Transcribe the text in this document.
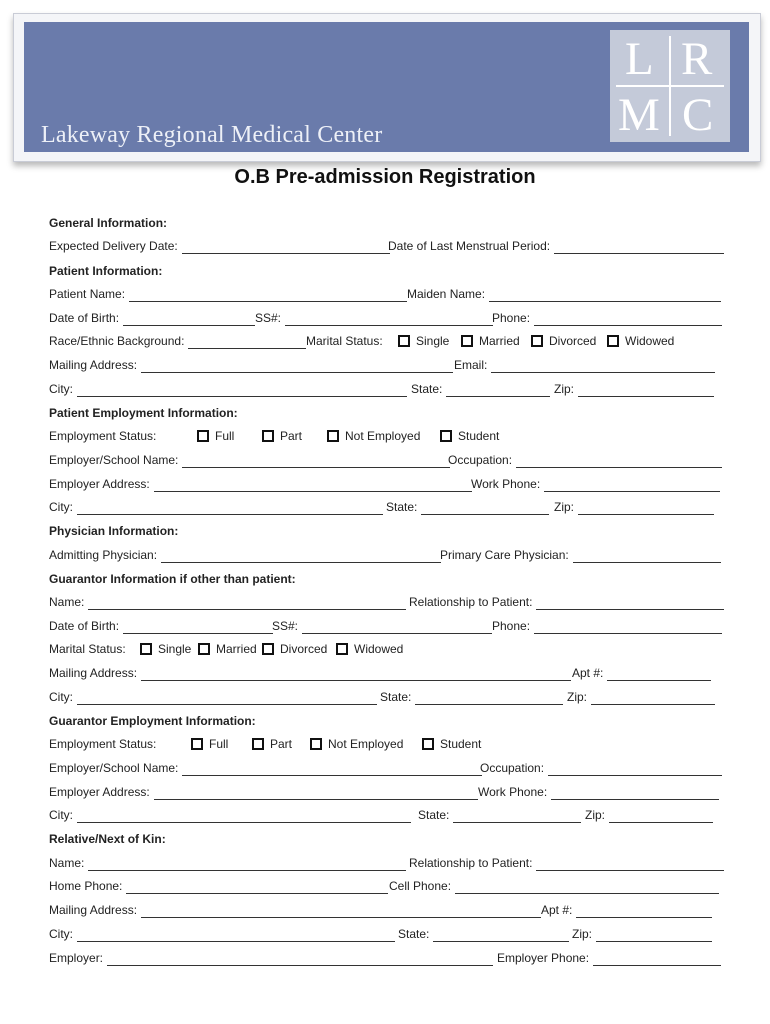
Lakeway Regional Medical Center
L R
M C
O.B Pre-admission Registration
General Information:
Expected Delivery Date:	Date of Last Menstrual Period:
Patient Information:
Patient Name:	Maiden Name:
Date of Birth:	SS#:	Phone:
Race/Ethnic Background:	Marital Status:	Single Married Divorced Widowed
Mailing Address:	Email:
City:	State:	Zip:
Patient Employment Information:
Employment Status:	Full	Part	Not Employed	Student
Employer/School Name:	Occupation:
Employer Address:	Work Phone:
City:	State:	Zip:
Physician Information:
Admitting Physician:	Primary Care Physician:
Guarantor Information if other than patient:
Name:	Relationship to Patient:
Date of Birth:	SS#:	Phone:
Marital Status:	Single Married Divorced Widowed
Mailing Address:	Apt #:
City:	State:	Zip:
Guarantor Employment Information:
Employment Status:	Full	Part	Not Employed	Student
Employer/School Name:	Occupation:
Employer Address:	Work Phone:
City:	State:	Zip:
Relative/Next of Kin:
Name:	Relationship to Patient:
Home Phone:	Cell Phone:
Mailing Address:	Apt #:
City:	State:	Zip:
Employer:	Employer Phone:
